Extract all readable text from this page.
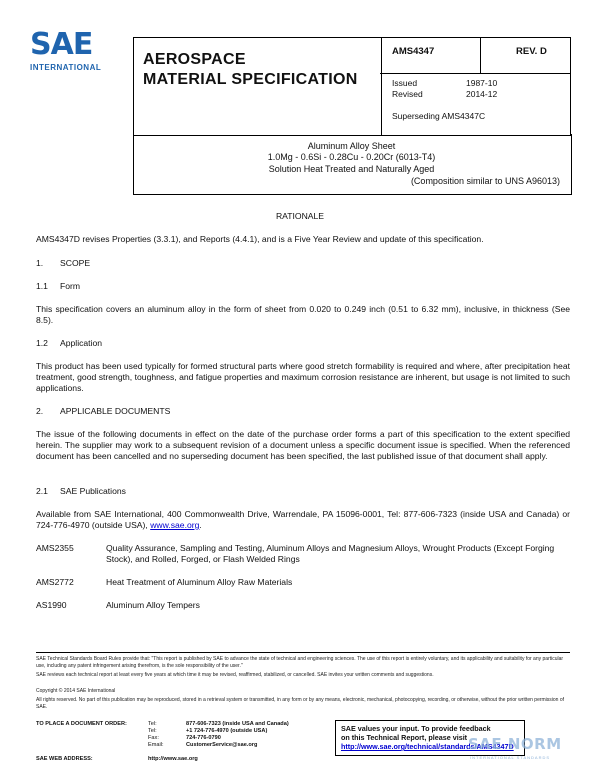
SAE
INTERNATIONAL	AEROSPACE
MATERIAL SPECIFICATION
AMS4347	REV. D
Issued	1987-10
Revised	2014-12
Superseding AMS4347C
Aluminum Alloy Sheet
1.0Mg - 0.6Si - 0.28Cu - 0.20Cr (6013-T4)
Solution Heat Treated and Naturally Aged
(Composition similar to UNS A96013)
RATIONALE
AMS4347D revises Properties (3.3.1), and Reports (4.4.1), and is a Five Year Review and update of this specification.
1. SCOPE
1.1 Form
This specification covers an aluminum alloy in the form of sheet from 0.020 to 0.249 inch (0.51 to 6.32 mm), inclusive, in thickness (See 8.5).
1.2 Application
This product has been used typically for formed structural parts where good stretch formability is required and where, after precipitation heat treatment, good strength, toughness, and fatigue properties and maximum corrosion resistance are inherent, but usage is not limited to such applications.
2. APPLICABLE DOCUMENTS
The issue of the following documents in effect on the date of the purchase order forms a part of this specification to the extent specified herein. The supplier may work to a subsequent revision of a document unless a specific document issue is specified. When the referenced document has been cancelled and no superseding document has been specified, the last published issue of that document shall apply.
2.1 SAE Publications
Available from SAE International, 400 Commonwealth Drive, Warrendale, PA 15096-0001, Tel: 877-606-7323 (inside USA and Canada) or 724-776-4970 (outside USA), www.sae.org.
AMS2355	Quality Assurance, Sampling and Testing, Aluminum Alloys and Magnesium Alloys, Wrought Products (Except Forging Stock), and Rolled, Forged, or Flash Welded Rings
AMS2772	Heat Treatment of Aluminum Alloy Raw Materials
AS1990	Aluminum Alloy Tempers
SAE Technical Standards Board Rules provide that: "This report is published by SAE to advance the state of technical and engineering sciences. The use of this report is entirely voluntary, and its applicability and suitability for any particular use, including any patent infringement arising therefrom, is the sole responsibility of the user."
SAE reviews each technical report at least every five years at which time it may be revised, reaffirmed, stabilized, or cancelled. SAE invites your written comments and suggestions.
Copyright © 2014 SAE International
All rights reserved. No part of this publication may be reproduced, stored in a retrieval system or transmitted, in any form or by any means, electronic, mechanical, photocopying, recording, or otherwise, without the prior written permission of SAE.
TO PLACE A DOCUMENT ORDER:	Tel:	877-606-7323 (inside USA and Canada)
Tel:	+1 724-776-4970 (outside USA)
Fax:	724-776-0790
Email:	CustomerService@sae.org
SAE WEB ADDRESS:	http://www.sae.org
SAE values your input. To provide feedback
on this Technical Report, please visit
http://www.sae.org/technical/standards/AMS4347D
SAE NORM
INTERNATIONAL STANDARDS
